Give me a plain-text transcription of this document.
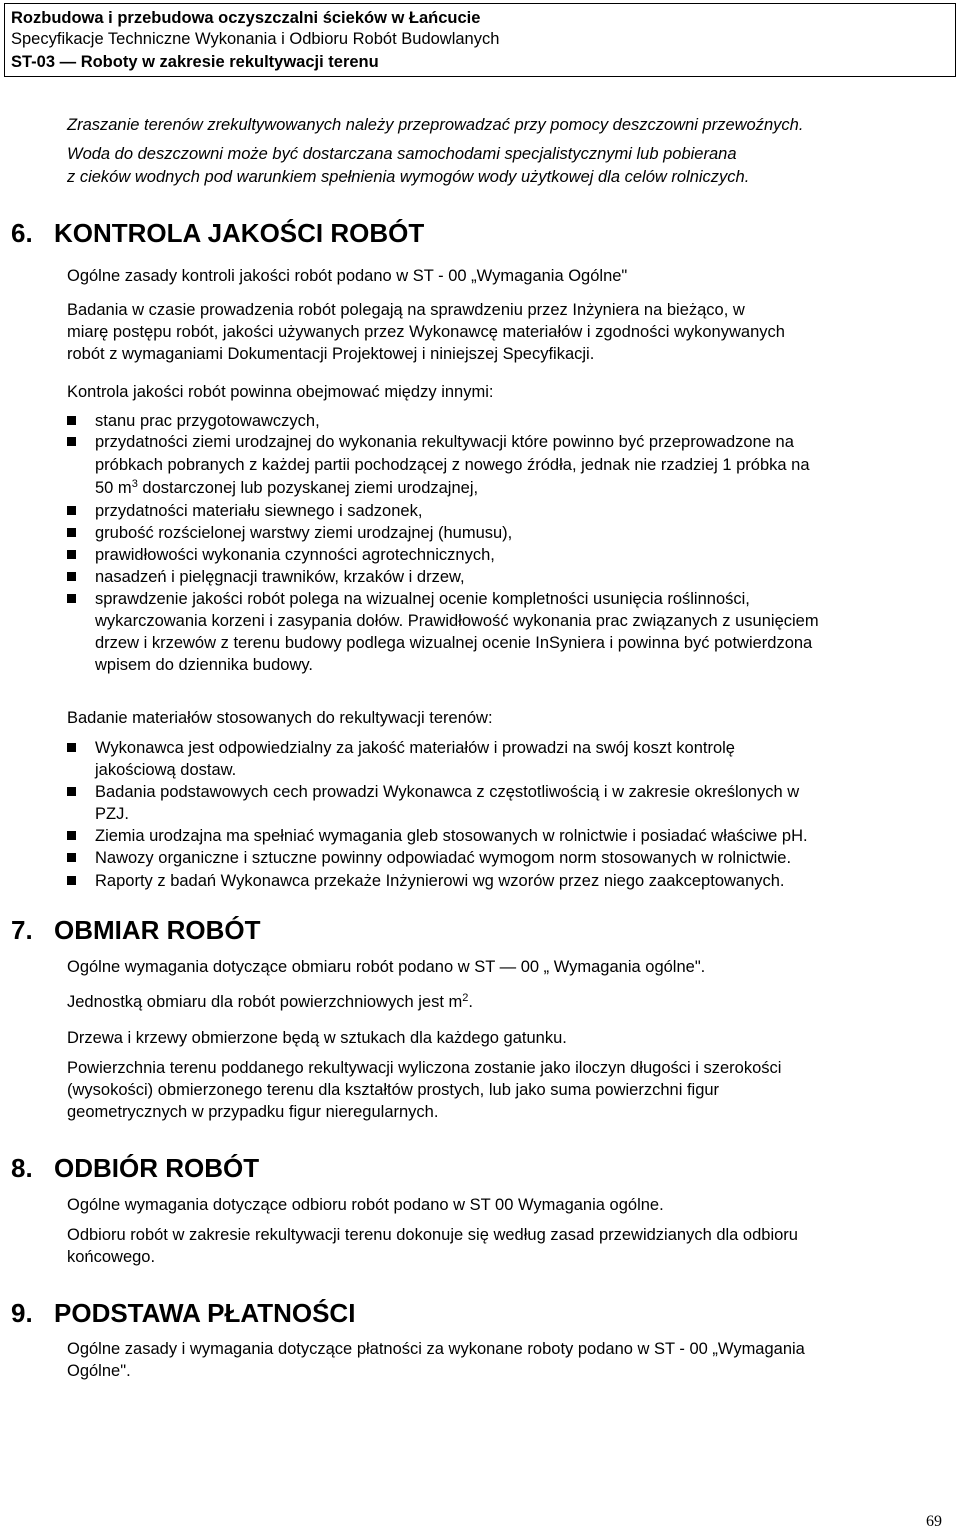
Rozbudowa i przebudowa oczyszczalni ścieków w Łańcucie
Specyfikacje Techniczne Wykonania i Odbioru Robót Budowlanych
ST-03 — Roboty w zakresie rekultywacji terenu
Zraszanie terenów zrekultywowanych należy przeprowadzać przy pomocy deszczowni przewoźnych.
Woda do deszczowni może być dostarczana samochodami specjalistycznymi lub pobierana
z cieków wodnych pod warunkiem spełnienia wymogów wody użytkowej dla celów rolniczych.
6. KONTROLA JAKOŚCI ROBÓT
Ogólne zasady kontroli jakości robót podano w ST - 00 „Wymagania Ogólne"
Badania w czasie prowadzenia robót polegają na sprawdzeniu przez Inżyniera na bieżąco, w
miarę postępu robót, jakości używanych przez Wykonawcę materiałów i zgodności wykonywanych
robót z wymaganiami Dokumentacji Projektowej i niniejszej Specyfikacji.
Kontrola jakości robót powinna obejmować między innymi:
stanu prac przygotowawczych,
przydatności ziemi urodzajnej do wykonania rekultywacji które powinno być przeprowadzone na
próbkach pobranych z każdej partii pochodzącej z nowego źródła, jednak nie rzadziej 1 próbka na
50 $m^3$ dostarczonej lub pozyskanej ziemi urodzajnej,
przydatności materiału siewnego i sadzonek,
grubość rozścielonej warstwy ziemi urodzajnej (humusu),
prawidłowości wykonania czynności agrotechnicznych,
nasadzeń i pielęgnacji trawników, krzaków i drzew,
sprawdzenie jakości robót polega na wizualnej ocenie kompletności usunięcia roślinności,
wykarczowania korzeni i zasypania dołów. Prawidłowość wykonania prac związanych z usunięciem
drzew i krzewów z terenu budowy podlega wizualnej ocenie InSyniera i powinna być potwierdzona
wpisem do dziennika budowy.
Badanie materiałów stosowanych do rekultywacji terenów:
Wykonawca jest odpowiedzialny za jakość materiałów i prowadzi na swój koszt kontrolę
jakościową dostaw.
Badania podstawowych cech prowadzi Wykonawca z częstotliwością i w zakresie określonych w
PZJ.
Ziemia urodzajna ma spełniać wymagania gleb stosowanych w rolnictwie i posiadać właściwe pH.
Nawozy organiczne i sztuczne powinny odpowiadać wymogom norm stosowanych w rolnictwie.
Raporty z badań Wykonawca przekaże Inżynierowi wg wzorów przez niego zaakceptowanych.
7. OBMIAR ROBÓT
Ogólne wymagania dotyczące obmiaru robót podano w ST — 00 „ Wymagania ogólne".
Jednostką obmiaru dla robót powierzchniowych jest $m^2$.
Drzewa i krzewy obmierzone będą w sztukach dla każdego gatunku.
Powierzchnia terenu poddanego rekultywacji wyliczona zostanie jako iloczyn długości i szerokości
(wysokości) obmierzonego terenu dla kształtów prostych, lub jako suma powierzchni figur
geometrycznych w przypadku figur nieregularnych.
8. ODBIÓR ROBÓT
Ogólne wymagania dotyczące odbioru robót podano w ST 00 Wymagania ogólne.
Odbioru robót w zakresie rekultywacji terenu dokonuje się według zasad przewidzianych dla odbioru
końcowego.
9. PODSTAWA PŁATNOŚCI
Ogólne zasady i wymagania dotyczące płatności za wykonane roboty podano w ST - 00 „Wymagania
Ogólne".
69
